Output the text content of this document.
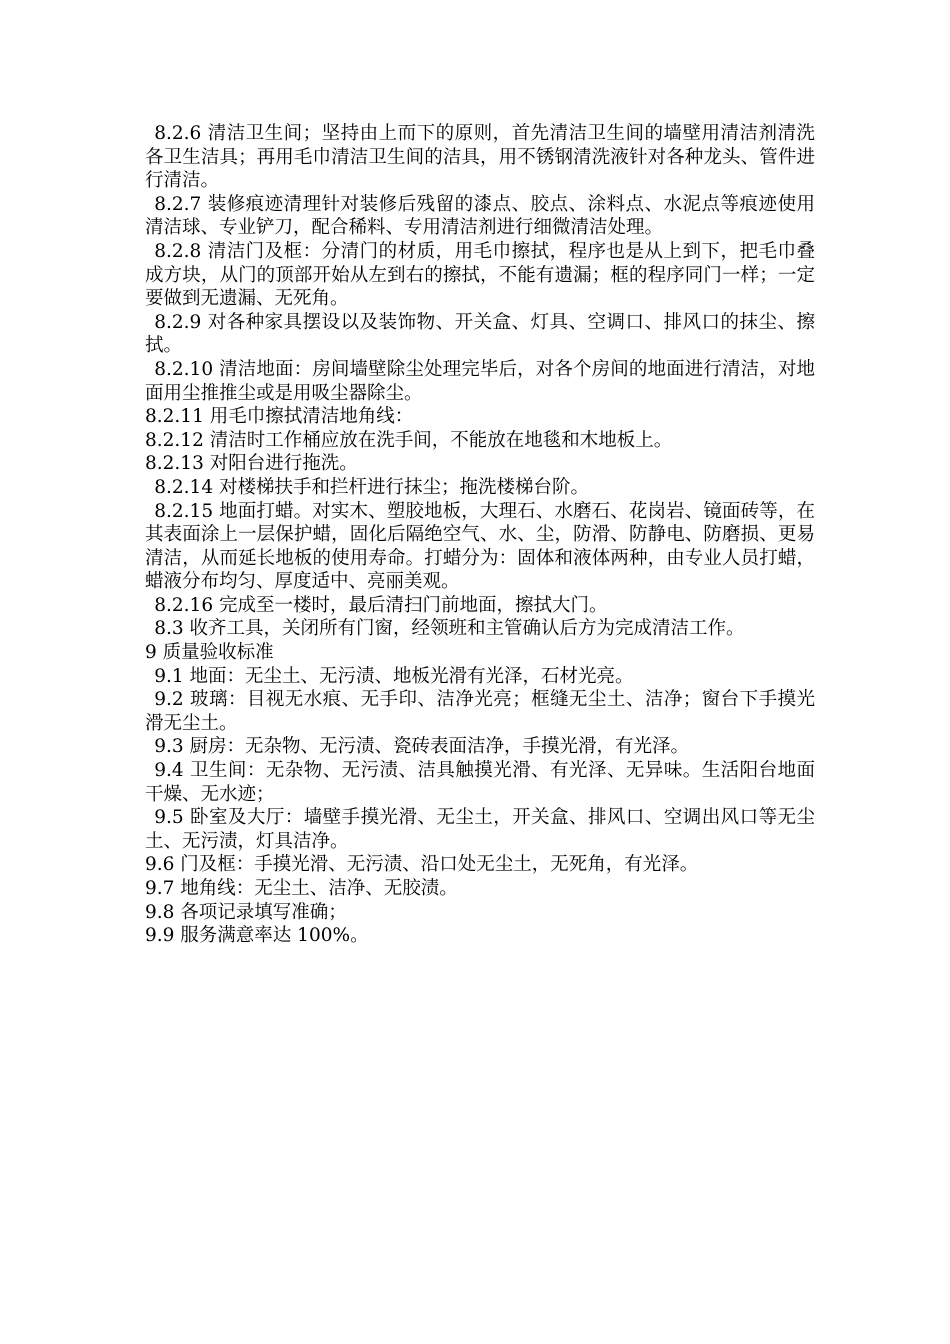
8.2.6 清洁卫生间；坚持由上而下的原则，首先清洁卫生间的墙壁用清洁剂清洗各卫生洁具；再用毛巾清洁卫生间的洁具，用不锈钢清洗液针对各种龙头、管件进行清洁。

8.2.7 装修痕迹清理针对装修后残留的漆点、胶点、涂料点、水泥点等痕迹使用清洁球、专业铲刀，配合稀料、专用清洁剂进行细微清洁处理。

8.2.8 清洁门及框：分清门的材质，用毛巾擦拭，程序也是从上到下，把毛巾叠成方块，从门的顶部开始从左到右的擦拭，不能有遗漏；框的程序同门一样；一定要做到无遗漏、无死角。

8.2.9 对各种家具摆设以及装饰物、开关盒、灯具、空调口、排风口的抹尘、擦拭。

8.2.10 清洁地面：房间墙壁除尘处理完毕后，对各个房间的地面进行清洁，对地面用尘推推尘或是用吸尘器除尘。

8.2.11 用毛巾擦拭清洁地角线：

8.2.12 清洁时工作桶应放在洗手间，不能放在地毯和木地板上。

8.2.13 对阳台进行拖洗。

8.2.14 对楼梯扶手和拦杆进行抹尘；拖洗楼梯台阶。

8.2.15 地面打蜡。对实木、塑胶地板，大理石、水磨石、花岗岩、镜面砖等，在其表面涂上一层保护蜡，固化后隔绝空气、水、尘，防滑、防静电、防磨损、更易清洁，从而延长地板的使用寿命。打蜡分为：固体和液体两种，由专业人员打蜡，蜡液分布均匀、厚度适中、亮丽美观。

8.2.16 完成至一楼时，最后清扫门前地面，擦拭大门。

8.3 收齐工具，关闭所有门窗，经领班和主管确认后方为完成清洁工作。

9 质量验收标准

9.1 地面：无尘土、无污渍、地板光滑有光泽，石材光亮。

9.2 玻璃：目视无水痕、无手印、洁净光亮；框缝无尘土、洁净；窗台下手摸光滑无尘土。

9.3 厨房：无杂物、无污渍、瓷砖表面洁净，手摸光滑，有光泽。

9.4 卫生间：无杂物、无污渍、洁具触摸光滑、有光泽、无异味。生活阳台地面干燥、无水迹；

9.5 卧室及大厅：墙壁手摸光滑、无尘土，开关盒、排风口、空调出风口等无尘土、无污渍，灯具洁净。

9.6 门及框：手摸光滑、无污渍、沿口处无尘土，无死角，有光泽。

9.7 地角线：无尘土、洁净、无胶渍。

9.8 各项记录填写准确；

9.9 服务满意率达 100%。
